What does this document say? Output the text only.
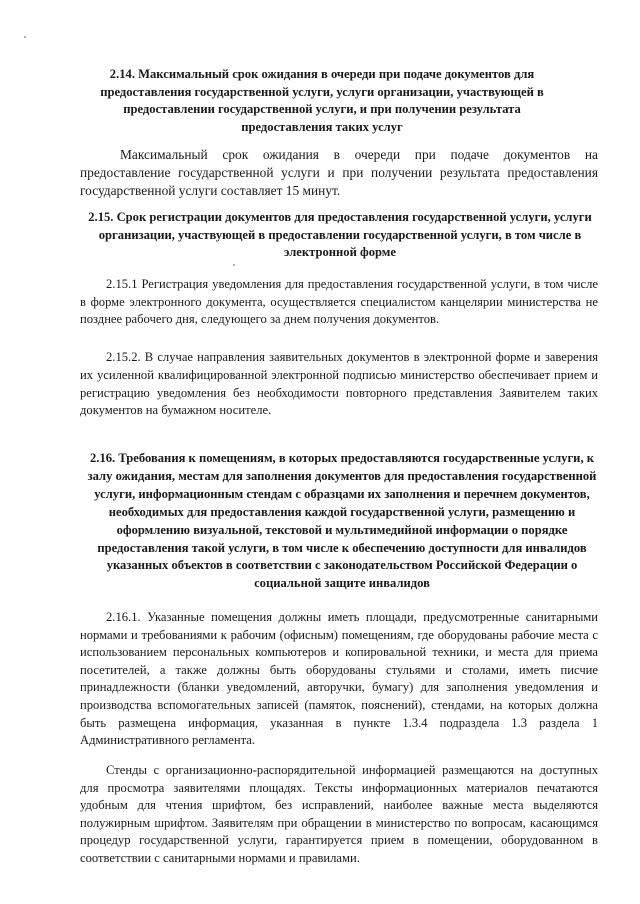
2.14. Максимальный срок ожидания в очереди при подаче документов для предоставления государственной услуги, услуги организации, участвующей в предоставлении государственной услуги, и при получении результата предоставления таких услуг
Максимальный срок ожидания в очереди при подаче документов на предоставление государственной услуги и при получении результата предоставления государственной услуги составляет 15 минут.
2.15. Срок регистрации документов для предоставления государственной услуги, услуги организации, участвующей в предоставлении государственной услуги, в том числе в электронной форме
2.15.1 Регистрация уведомления для предоставления государственной услуги, в том числе в форме электронного документа, осуществляется специалистом канцелярии министерства не позднее рабочего дня, следующего за днем получения документов.
2.15.2. В случае направления заявительных документов в электронной форме и заверения их усиленной квалифицированной электронной подписью министерство обеспечивает прием и регистрацию уведомления без необходимости повторного представления Заявителем таких документов на бумажном носителе.
2.16. Требования к помещениям, в которых предоставляются государственные услуги, к залу ожидания, местам для заполнения документов для предоставления государственной услуги, информационным стендам с образцами их заполнения и перечнем документов, необходимых для предоставления каждой государственной услуги, размещению и оформлению визуальной, текстовой и мультимедийной информации о порядке предоставления такой услуги, в том числе к обеспечению доступности для инвалидов указанных объектов в соответствии с законодательством Российской Федерации о социальной защите инвалидов
2.16.1. Указанные помещения должны иметь площади, предусмотренные санитарными нормами и требованиями к рабочим (офисным) помещениям, где оборудованы рабочие места с использованием персональных компьютеров и копировальной техники, и места для приема посетителей, а также должны быть оборудованы стульями и столами, иметь писчие принадлежности (бланки уведомлений, авторучки, бумагу) для заполнения уведомления и производства вспомогательных записей (памяток, пояснений), стендами, на которых должна быть размещена информация, указанная в пункте 1.3.4 подраздела 1.3 раздела 1 Административного регламента.
Стенды с организационно-распорядительной информацией размещаются на доступных для просмотра заявителями площадях. Тексты информационных материалов печатаются удобным для чтения шрифтом, без исправлений, наиболее важные места выделяются полужирным шрифтом. Заявителям при обращении в министерство по вопросам, касающимся процедур государственной услуги, гарантируется прием в помещении, оборудованном в соответствии с санитарными нормами и правилами.
